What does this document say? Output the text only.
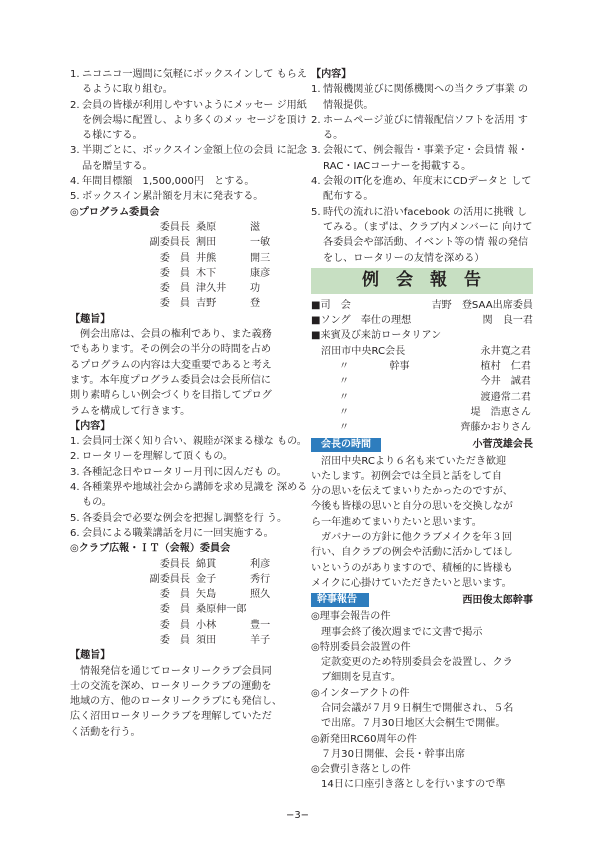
1. ニコニコ一週間に気軽にボックスインして もらえるように取り組む。
2. 会員の皆様が利用しやすいようにメッセー ジ用紙を例会場に配置し、より多くのメッ セージを頂ける様にする。
3. 半期ごとに、ボックスイン金額上位の会員 に記念品を贈呈する。
4. 年間目標額　1,500,000円　とする。
5. ボックスイン累計額を月末に発表する。
◎プログラム委員会
委員長 桑原	滋
副委員長 割田	一敏
委　員 井熊	開三
委　員 木下	康彦
委　員 津久井	功
委　員 吉野	登
【趣旨】
例会出席は、会員の権利であり、また義務
でもあります。その例会の半分の時間を占め
るプログラムの内容は大変重要であると考え
ます。本年度プログラム委員会は会長所信に
則り素晴らしい例会づくりを目指してプログ
ラムを構成して行きます。
【内容】
1. 会員同士深く知り合い、親睦が深まる様な もの。
2. ロータリーを理解して頂くもの。
3. 各種記念日やロータリー月刊に因んだも の。
4. 各種業界や地域社会から講師を求め見識を 深めるもの。
5. 各委員会で必要な例会を把握し調整を行 う。
6. 会員による職業講話を月に一回実施する。
◎クラブ広報・ＩＴ（会報）委員会
委員長 綿貫	利彦
副委員長 金子	秀行
委　員 矢島	照久
委　員 桑原伸一郎
委　員 小林	豊一
委　員 須田	羊子
【趣旨】
情報発信を通じてロータリークラブ会員同
士の交流を深め、ロータリークラブの運動を
地域の方、他のロータリークラブにも発信し、
広く沼田ロータリークラブを理解していただ
く活動を行う。
【内容】
1. 情報機関並びに関係機関への当クラブ事業 の情報提供。
2. ホームページ並びに情報配信ソフトを活用 する。
3. 会報にて、例会報告・事業予定・会員情 報・RAC・IACコーナーを掲載する。
4. 会報のIT化を進め、年度末にCDデータと して配布する。
5. 時代の流れに沿いfacebook の活用に挑戦 してみる。（まずは、クラブ内メンバーに 向けて各委員会や部活動、イベント等の情 報の発信をし、ロータリーの友情を深める）
例会報告
■司　会	吉野　登SAA出席委員
■ソング　奉仕の理想	関　良一君
■来賓及び来訪ロータリアン
沼田市中央RC会長	永井寛之君
〃　　　　幹事	植村　仁君
〃	今井　誠君
〃	渡邉常二君
〃	堤　浩恵さん
〃	齊藤かおりさん
会長の時間	小菅茂雄会長
沼田中央RCより６名も来ていただき歓迎
いたします。初例会では全員と話をして自
分の思いを伝えてまいりたかったのですが、
今後も皆様の思いと自分の思いを交換しなが
ら一年進めてまいりたいと思います。
ガバナーの方針に他クラブメイクを年３回
行い、自クラブの例会や活動に活かしてほし
いというのがありますので、積極的に皆様も
メイクに心掛けていただきたいと思います。
幹事報告	西田俊太郎幹事
◎理事会報告の件
理事会終了後次週までに文書で掲示
◎特別委員会設置の件
定款変更のため特別委員会を設置し、クラ
ブ細則を見直す。
◎インターアクトの件
合同会議が７月９日桐生で開催され、５名
で出席。７月30日地区大会桐生で開催。
◎新発田RC60周年の件
７月30日開催、会長・幹事出席
◎会費引き落としの件
14日に口座引き落としを行いますので準
−3−
